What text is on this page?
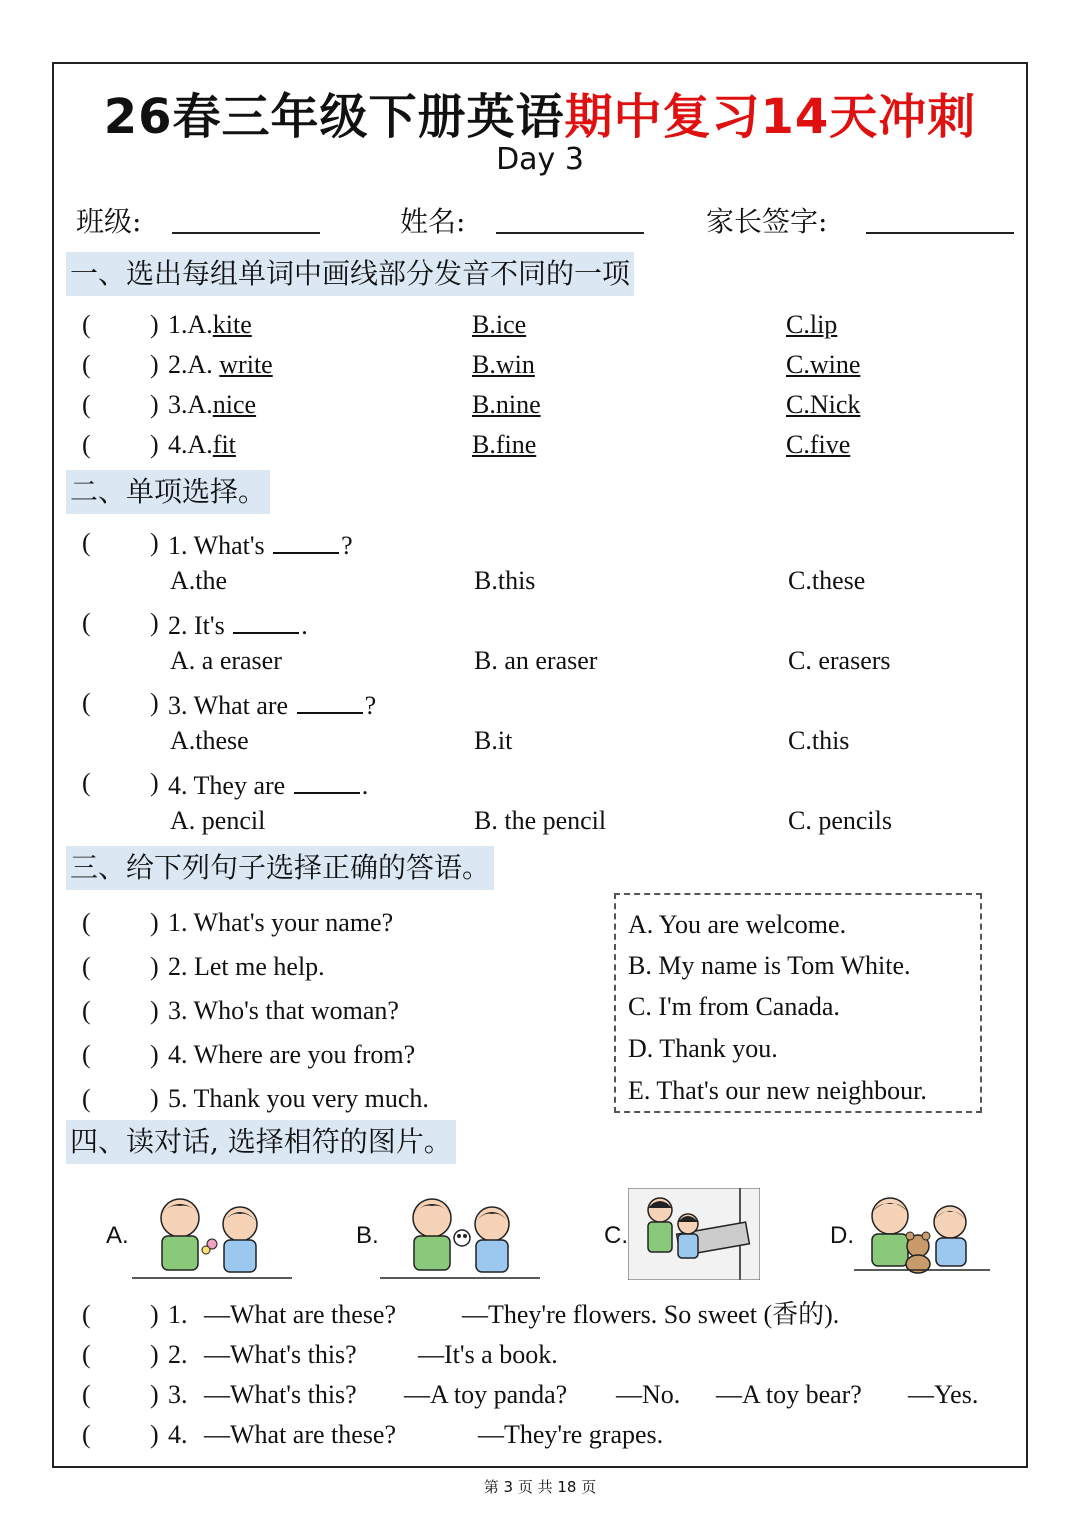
26春三年级下册英语期中复习14天冲刺
Day 3
班级:	姓名:	家长签字:
一、选出每组单词中画线部分发音不同的一项
( ) 1.A.kite	B.ice	C.lip
( ) 2.A. write	B.win	C.wine
( ) 3.A.nice	B.nine	C.Nick
( ) 4.A.fit	B.fine	C.five
二、单项选择。
( ) 1. What's	?
A.the	B.this	C.these
( ) 2. It's	.
A. a eraser	B. an eraser	C. erasers
( ) 3. What are	?
A.these	B.it	C.this
( ) 4. They are	.
A. pencil	B. the pencil	C. pencils
三、给下列句子选择正确的答语。
( ) 1. What's your name?
( ) 2. Let me help.
( ) 3. Who's that woman?
( ) 4. Where are you from?
( ) 5. Thank you very much.
A. You are welcome.
B. My name is Tom White.
C. I'm from Canada.
D. Thank you.
E. That's our new neighbour.
四、读对话, 选择相符的图片。
A.	B.	C.	D.
( ) 1. —What are these?	—They're flowers. So sweet (香的).
( ) 2. —What's this? —It's a book.
( ) 3. —What's this? —A toy panda? —No. —A toy bear? —Yes.
( ) 4. —What are these?	—They're grapes.
第 3 页 共 18 页
